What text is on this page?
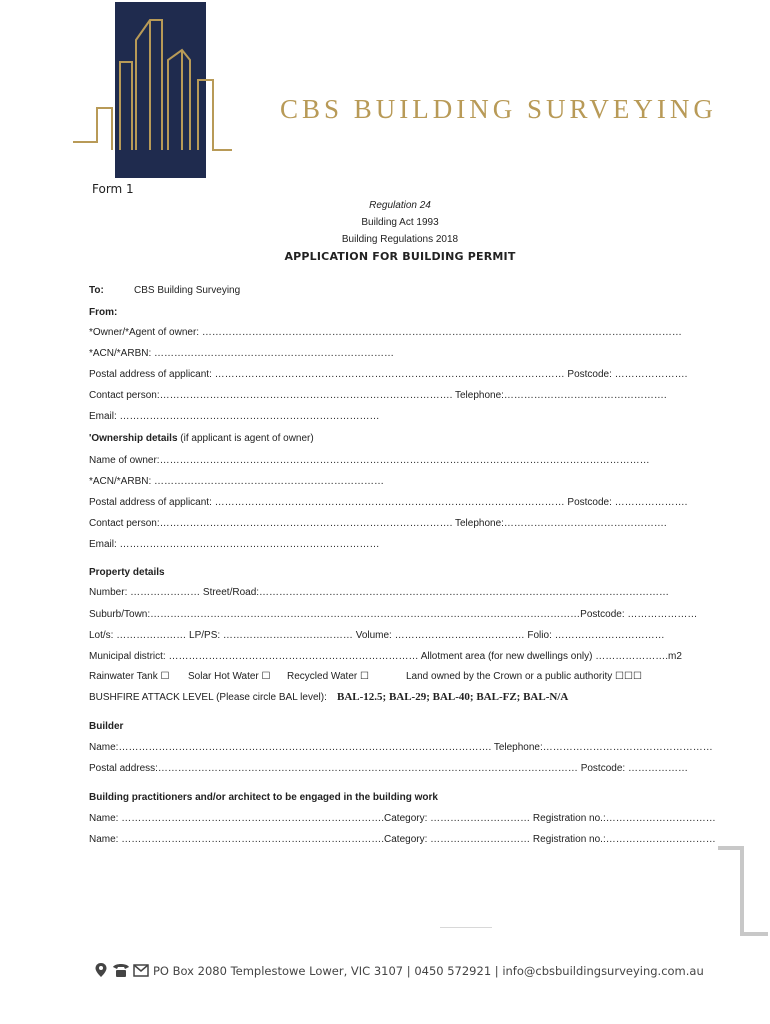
CBS BUILDING SURVEYING
Form 1
Regulation 24
Building Act 1993
Building Regulations 2018
APPLICATION FOR BUILDING PERMIT
To:	CBS Building Surveying
From:
*Owner/*Agent of owner: ………………………………………………………………………………………………………………………………
*ACN/*ARBN: ………………………………………………………………
Postal address of applicant: …………………………………………………………………………………………… Postcode: ………………….
Contact person:……………………………………………………………………………. Telephone:………………………………………….
Email: ……………………………………………………………………
'Ownership details (if applicant is agent of owner)
Name of owner:…………………………………………………………………………………………………………………………………
*ACN/*ARBN: ……………………………………………………………
Postal address of applicant: …………………………………………………………………………………………… Postcode: ………………….
Contact person:……………………………………………………………………………. Telephone:………………………………………….
Email: ……………………………………………………………………
Property details
Number: ………………… Street/Road:……………………………………………………………………………………………………………
Suburb/Town:…………………………………………………………………………………………………………………Postcode: …………………
Lot/s: ………………… LP/PS: ………………………………… Volume: ………………………………… Folio: ……………………………
Municipal district: ………………………………………………………………… Allotment area (for new dwellings only) ………………….m2
Rainwater Tank ☐ Solar Hot Water ☐ Recycled Water ☐	Land owned by the Crown or a public authority ☐☐☐
BUSHFIRE ATTACK LEVEL (Please circle BAL level): BAL-12.5; BAL-29; BAL-40; BAL-FZ; BAL-N/A
Builder
Name:…………………………………………………………………………………………………. Telephone:……………………………………………
Postal address:……………………………………………………………………………………………………………… Postcode: ………………
Building practitioners and/or architect to be engaged in the building work
Name: …………………………………………………………………….Category: ………………………… Registration no.:……………………………
Name: …………………………………………………………………….Category: ………………………… Registration no.:……………………………
PO Box 2080 Templestowe Lower, VIC 3107 | 0450 572921 | info@cbsbuildingsurveying.com.au
